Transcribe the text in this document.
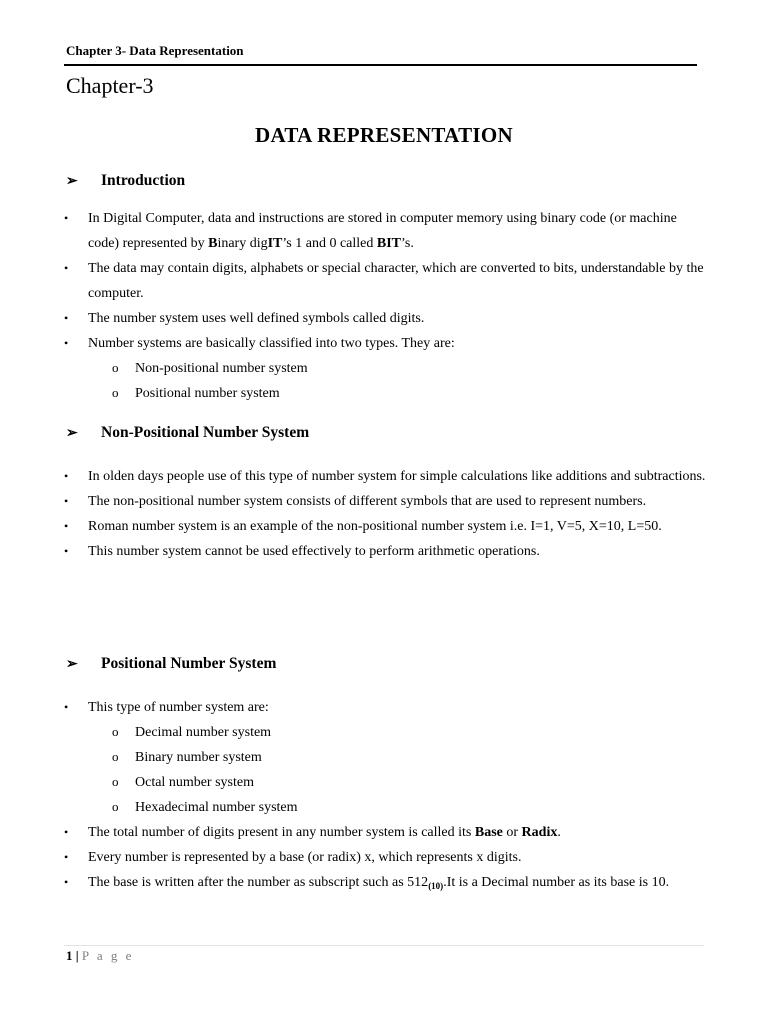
Chapter 3- Data Representation
Chapter-3
DATA REPRESENTATION
➢	Introduction
• In Digital Computer, data and instructions are stored in computer memory using binary code (or machine code) represented by Binary digIT’s 1 and 0 called BIT’s.
• The data may contain digits, alphabets or special character, which are converted to bits, understandable by the computer.
• The number system uses well defined symbols called digits.
• Number systems are basically classified into two types. They are:
o Non-positional number system
o Positional number system
➢	Non-Positional Number System
• In olden days people use of this type of number system for simple calculations like additions and subtractions.
• The non-positional number system consists of different symbols that are used to represent numbers.
• Roman number system is an example of the non-positional number system i.e. I=1, V=5, X=10, L=50.
• This number system cannot be used effectively to perform arithmetic operations.
➢	Positional Number System
• This type of number system are:
o Decimal number system
o Binary number system
o Octal number system
o Hexadecimal number system
• The total number of digits present in any number system is called its Base or Radix.
• Every number is represented by a base (or radix) x, which represents x digits.
• The base is written after the number as subscript such as $512_{(10)}.It$ is a Decimal number as its base is 10.
1 | P a g e
